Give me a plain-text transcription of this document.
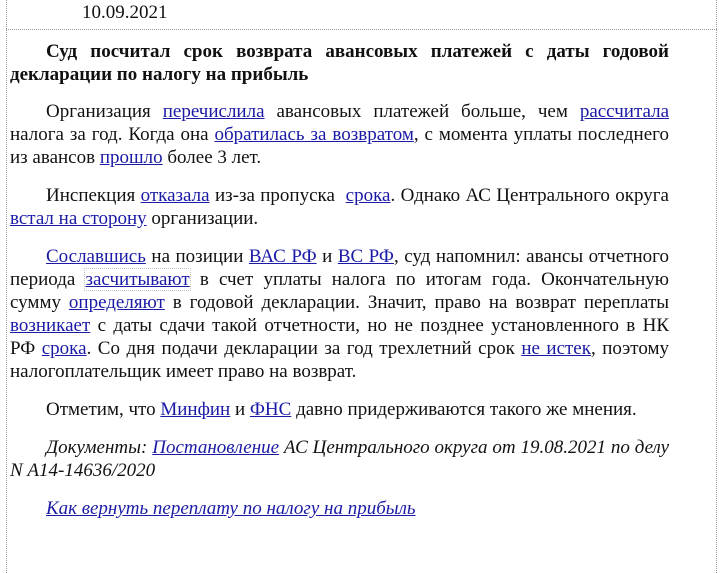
10.09.2021

Суд посчитал срок возврата авансовых платежей с даты годовой декларации по налогу на прибыль

Организация перечислила авансовых платежей больше, чем рассчитала налога за год. Когда она обратилась за возвратом, с момента уплаты последнего из авансов прошло более 3 лет.

Инспекция отказала из-за пропуска  срока. Однако АС Центрального округа встал на сторону организации.

Сославшись на позиции ВАС РФ и ВС РФ, суд напомнил: авансы отчетного периода засчитывают в счет уплаты налога по итогам года. Окончательную сумму определяют в годовой декларации. Значит, право на возврат переплаты возникает с даты сдачи такой отчетности, но не позднее установленного в НК РФ срока. Со дня подачи декларации за год трехлетний срок не истек, поэтому налогоплательщик имеет право на возврат.

Отметим, что Минфин и ФНС давно придерживаются такого же мнения.

Документы: Постановление АС Центрального округа от 19.08.2021 по делу N А14-14636/2020

Как вернуть переплату по налогу на прибыль
